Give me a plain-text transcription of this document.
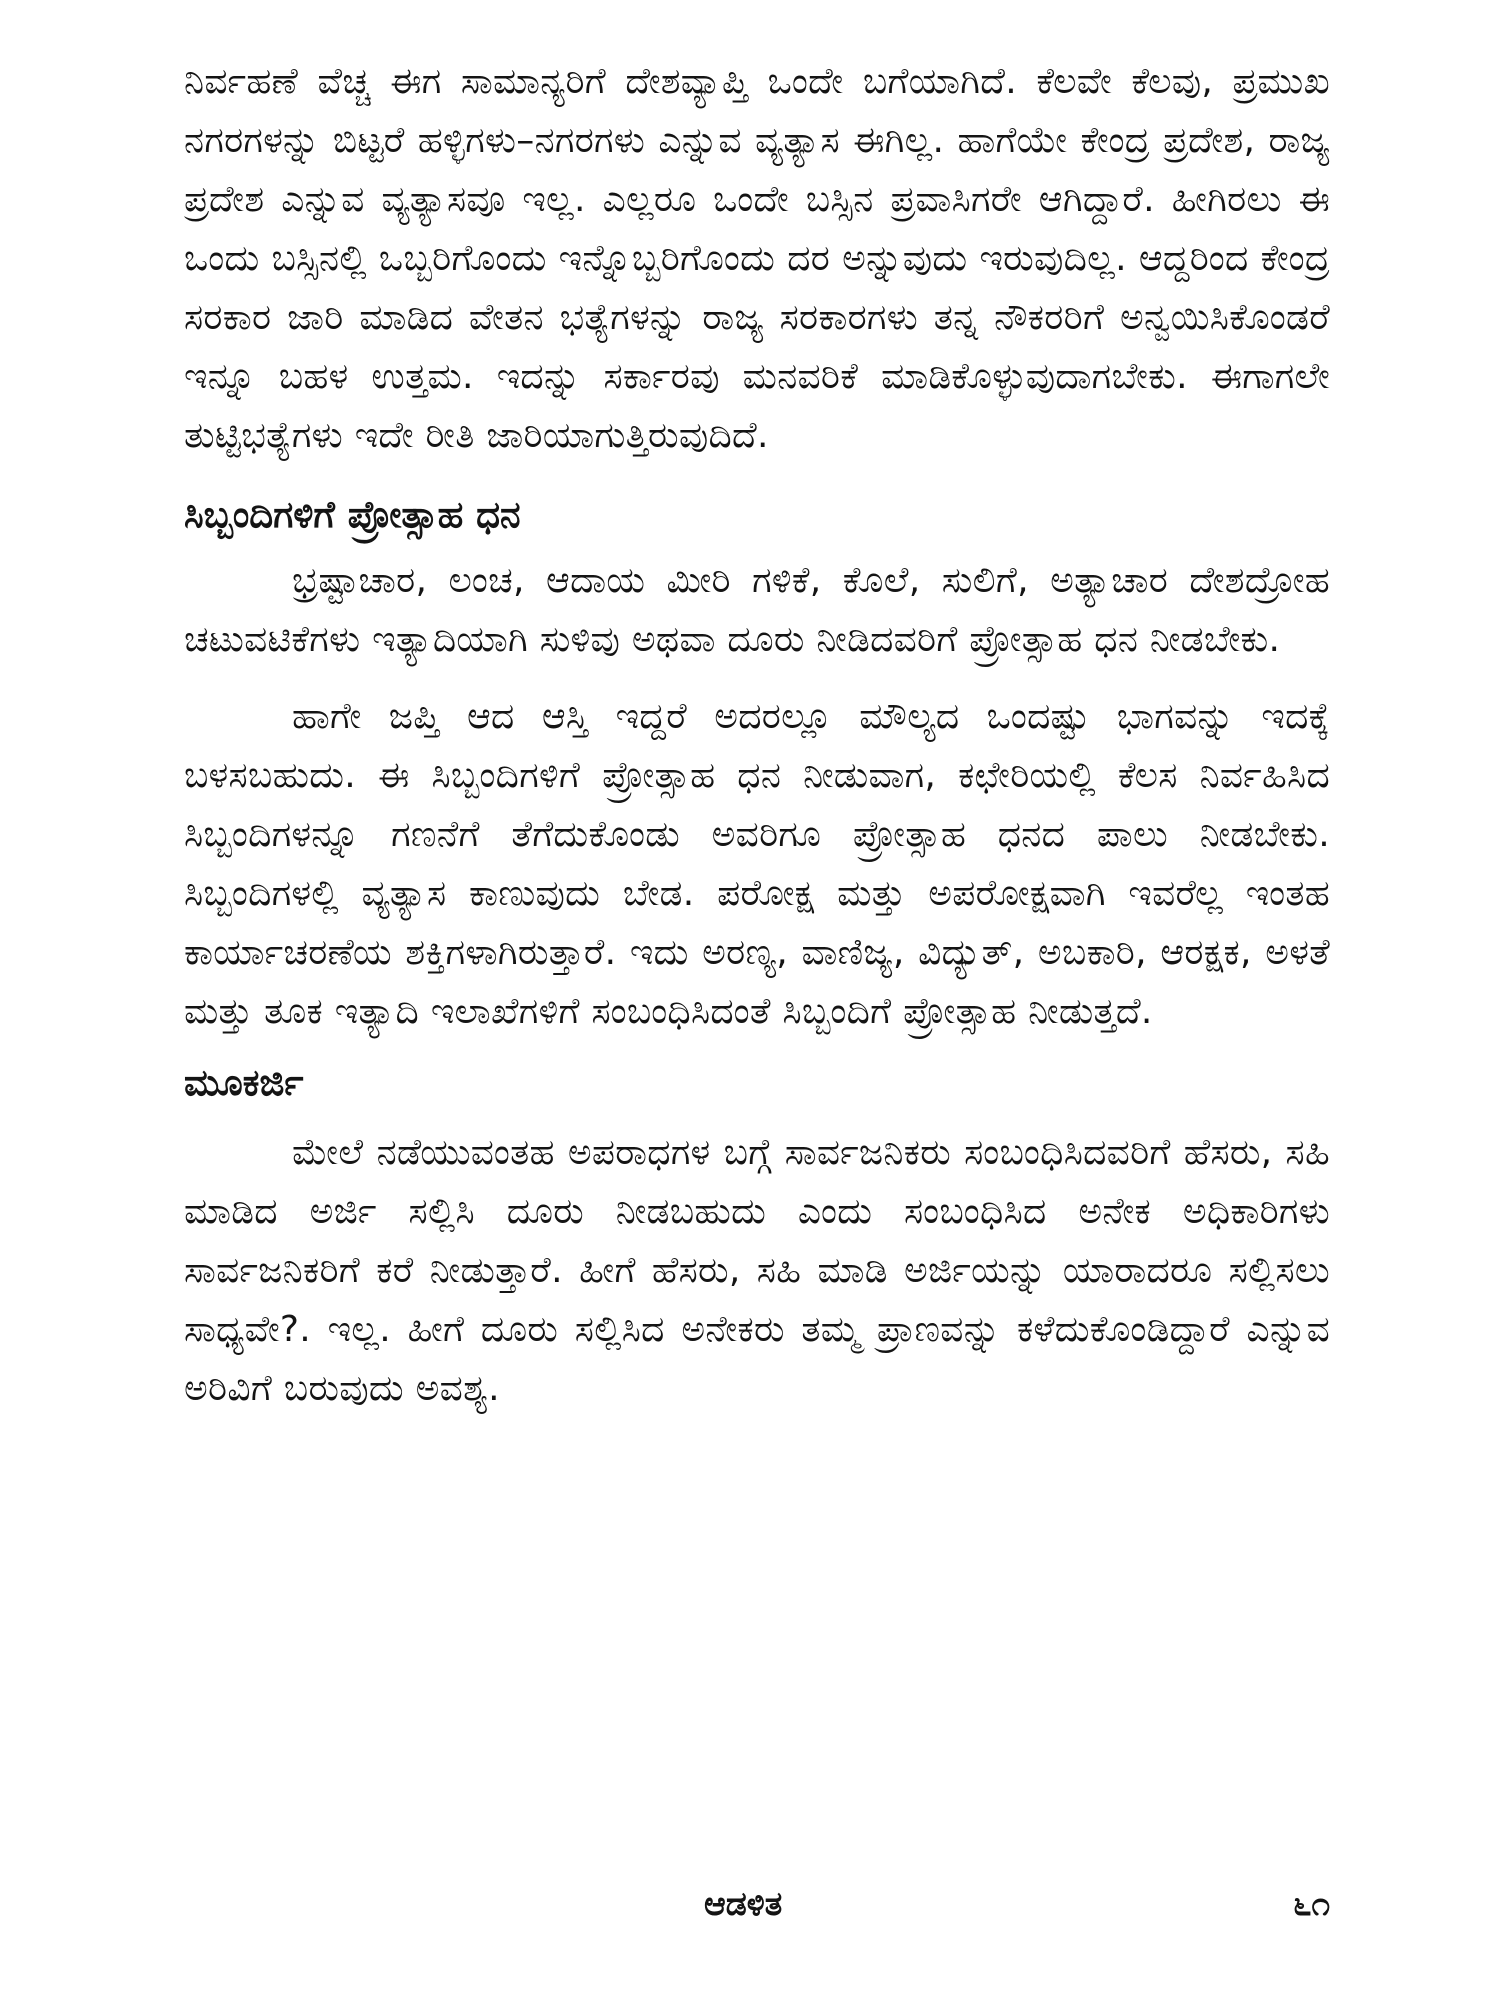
ನಿರ್ವಹಣೆ ವೆಚ್ಚ ಈಗ ಸಾಮಾನ್ಯರಿಗೆ ದೇಶವ್ಯಾಪ್ತಿ ಒಂದೇ ಬಗೆಯಾಗಿದೆ. ಕೆಲವೇ ಕೆಲವು, ಪ್ರಮುಖ ನಗರಗಳನ್ನು ಬಿಟ್ಟರೆ ಹಳ್ಳಿಗಳು–ನಗರಗಳು ಎನ್ನುವ ವ್ಯತ್ಯಾಸ ಈಗಿಲ್ಲ. ಹಾಗೆಯೇ ಕೇಂದ್ರ ಪ್ರದೇಶ, ರಾಜ್ಯ ಪ್ರದೇಶ ಎನ್ನುವ ವ್ಯತ್ಯಾಸವೂ ಇಲ್ಲ. ಎಲ್ಲರೂ ಒಂದೇ ಬಸ್ಸಿನ ಪ್ರವಾಸಿಗರೇ ಆಗಿದ್ದಾರೆ. ಹೀಗಿರಲು ಈ ಒಂದು ಬಸ್ಸಿನಲ್ಲಿ ಒಬ್ಬರಿಗೊಂದು ಇನ್ನೊಬ್ಬರಿಗೊಂದು ದರ ಅನ್ನುವುದು ಇರುವುದಿಲ್ಲ. ಆದ್ದರಿಂದ ಕೇಂದ್ರ ಸರಕಾರ ಜಾರಿ ಮಾಡಿದ ವೇತನ ಭತ್ಯೆಗಳನ್ನು ರಾಜ್ಯ ಸರಕಾರಗಳು ತನ್ನ ನೌಕರರಿಗೆ ಅನ್ವಯಿಸಿಕೊಂಡರೆ ಇನ್ನೂ ಬಹಳ ಉತ್ತಮ. ಇದನ್ನು ಸರ್ಕಾರವು ಮನವರಿಕೆ ಮಾಡಿಕೊಳ್ಳುವುದಾಗಬೇಕು. ಈಗಾಗಲೇ ತುಟ್ಟಿಭತ್ಯೆಗಳು ಇದೇ ರೀತಿ ಜಾರಿಯಾಗುತ್ತಿರುವುದಿದೆ.

ಸಿಬ್ಬಂದಿಗಳಿಗೆ ಪ್ರೋತ್ಸಾಹ ಧನ

ಭ್ರಷ್ಟಾಚಾರ, ಲಂಚ, ಆದಾಯ ಮೀರಿ ಗಳಿಕೆ, ಕೊಲೆ, ಸುಲಿಗೆ, ಅತ್ಯಾಚಾರ ದೇಶದ್ರೋಹ ಚಟುವಟಿಕೆಗಳು ಇತ್ಯಾದಿಯಾಗಿ ಸುಳಿವು ಅಥವಾ ದೂರು ನೀಡಿದವರಿಗೆ ಪ್ರೋತ್ಸಾಹ ಧನ ನೀಡಬೇಕು.

ಹಾಗೇ ಜಪ್ತಿ ಆದ ಆಸ್ತಿ ಇದ್ದರೆ ಅದರಲ್ಲೂ ಮೌಲ್ಯದ ಒಂದಷ್ಟು ಭಾಗವನ್ನು ಇದಕ್ಕೆ ಬಳಸಬಹುದು. ಈ ಸಿಬ್ಬಂದಿಗಳಿಗೆ ಪ್ರೋತ್ಸಾಹ ಧನ ನೀಡುವಾಗ, ಕಛೇರಿಯಲ್ಲಿ ಕೆಲಸ ನಿರ್ವಹಿಸಿದ ಸಿಬ್ಬಂದಿಗಳನ್ನೂ ಗಣನೆಗೆ ತೆಗೆದುಕೊಂಡು ಅವರಿಗೂ ಪ್ರೋತ್ಸಾಹ ಧನದ ಪಾಲು ನೀಡಬೇಕು. ಸಿಬ್ಬಂದಿಗಳಲ್ಲಿ ವ್ಯತ್ಯಾಸ ಕಾಣುವುದು ಬೇಡ. ಪರೋಕ್ಷ ಮತ್ತು ಅಪರೋಕ್ಷವಾಗಿ ಇವರೆಲ್ಲ ಇಂತಹ ಕಾರ್ಯಾಚರಣೆಯ ಶಕ್ತಿಗಳಾಗಿರುತ್ತಾರೆ. ಇದು ಅರಣ್ಯ, ವಾಣಿಜ್ಯ, ವಿದ್ಯುತ್, ಅಬಕಾರಿ, ಆರಕ್ಷಕ, ಅಳತೆ ಮತ್ತು ತೂಕ ಇತ್ಯಾದಿ ಇಲಾಖೆಗಳಿಗೆ ಸಂಬಂಧಿಸಿದಂತೆ ಸಿಬ್ಬಂದಿಗೆ ಪ್ರೋತ್ಸಾಹ ನೀಡುತ್ತದೆ.

ಮೂಕರ್ಜಿ

ಮೇಲೆ ನಡೆಯುವಂತಹ ಅಪರಾಧಗಳ ಬಗ್ಗೆ ಸಾರ್ವಜನಿಕರು ಸಂಬಂಧಿಸಿದವರಿಗೆ ಹೆಸರು, ಸಹಿ ಮಾಡಿದ ಅರ್ಜಿ ಸಲ್ಲಿಸಿ ದೂರು ನೀಡಬಹುದು ಎಂದು ಸಂಬಂಧಿಸಿದ ಅನೇಕ ಅಧಿಕಾರಿಗಳು ಸಾರ್ವಜನಿಕರಿಗೆ ಕರೆ ನೀಡುತ್ತಾರೆ. ಹೀಗೆ ಹೆಸರು, ಸಹಿ ಮಾಡಿ ಅರ್ಜಿಯನ್ನು ಯಾರಾದರೂ ಸಲ್ಲಿಸಲು ಸಾಧ್ಯವೇ?. ಇಲ್ಲ. ಹೀಗೆ ದೂರು ಸಲ್ಲಿಸಿದ ಅನೇಕರು ತಮ್ಮ ಪ್ರಾಣವನ್ನು ಕಳೆದುಕೊಂಡಿದ್ದಾರೆ ಎನ್ನುವ ಅರಿವಿಗೆ ಬರುವುದು ಅವಶ್ಯ.

ಆಡಳಿತ	೬೧
